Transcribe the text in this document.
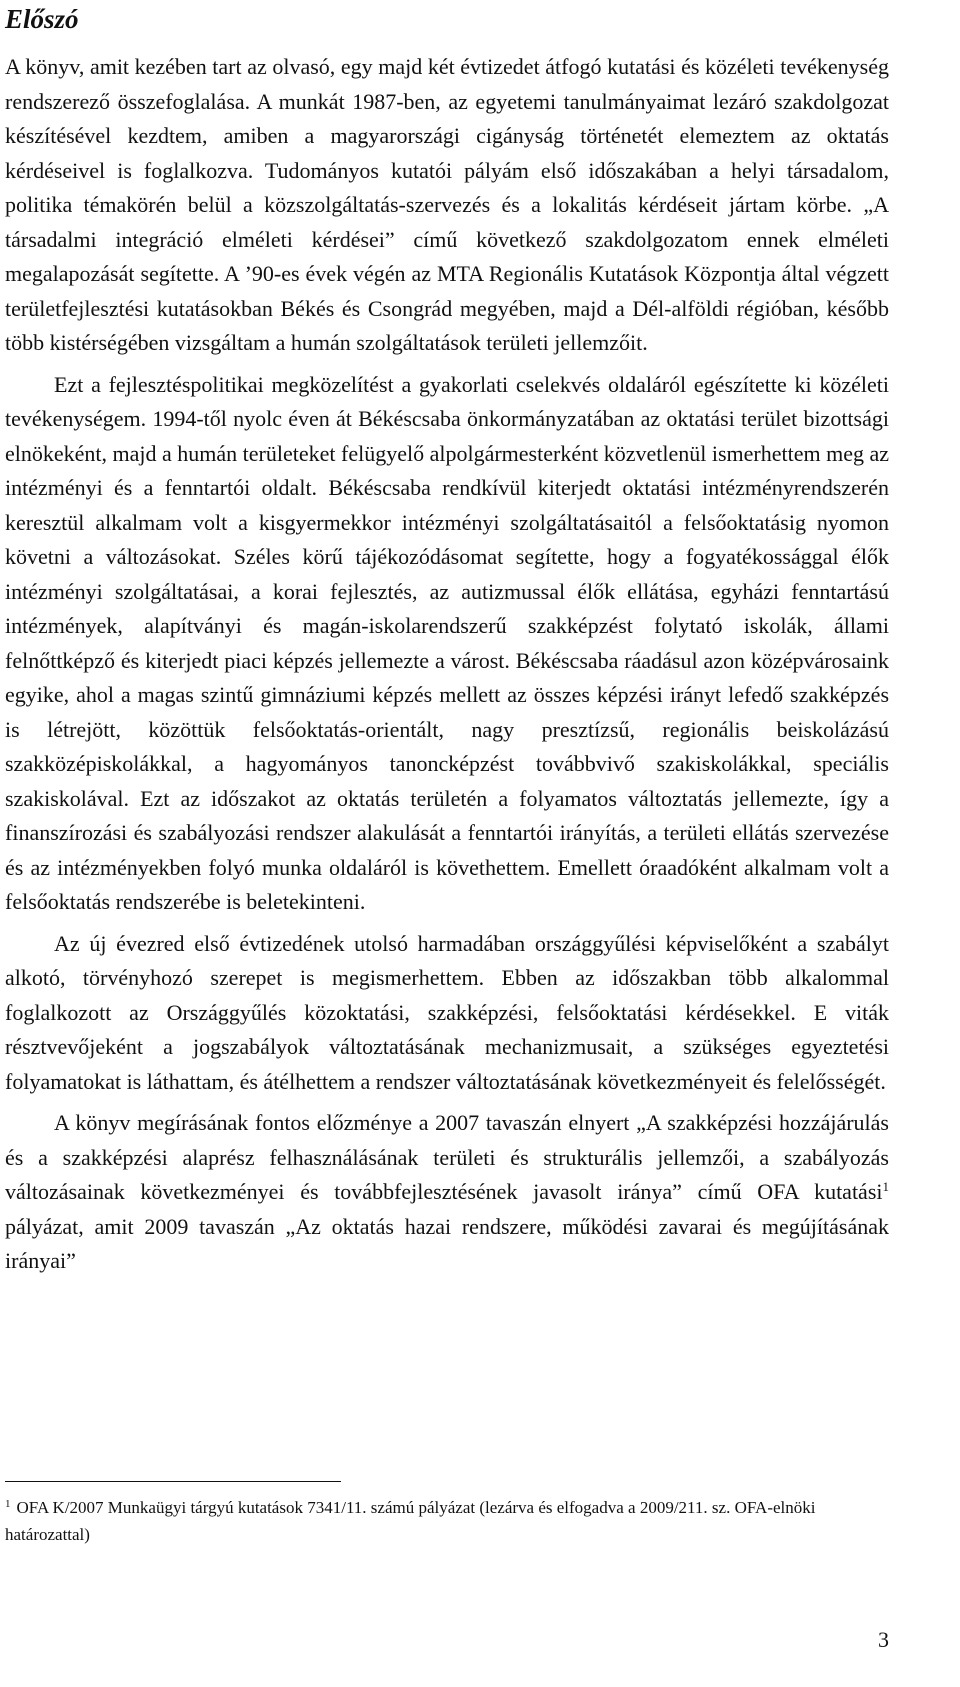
Előszó

A könyv, amit kezében tart az olvasó, egy majd két évtizedet átfogó kutatási és közéleti tevékenység rendszerező összefoglalása. A munkát 1987-ben, az egyetemi tanulmányaimat lezáró szakdolgozat készítésével kezdtem, amiben a magyarországi cigányság történetét elemeztem az oktatás kérdéseivel is foglalkozva. Tudományos kutatói pályám első időszakában a helyi társadalom, politika témakörén belül a közszolgáltatás-szervezés és a lokalitás kérdéseit jártam körbe. „A társadalmi integráció elméleti kérdései” című következő szakdolgozatom ennek elméleti megalapozását segítette. A ’90-es évek végén az MTA Regionális Kutatások Központja által végzett területfejlesztési kutatásokban Békés és Csongrád megyében, majd a Dél-alföldi régióban, később több kistérségében vizsgáltam a humán szolgáltatások területi jellemzőit.

Ezt a fejlesztéspolitikai megközelítést a gyakorlati cselekvés oldaláról egészítette ki közéleti tevékenységem. 1994-től nyolc éven át Békéscsaba önkormányzatában az oktatási terület bizottsági elnökeként, majd a humán területeket felügyelő alpolgármesterként közvetlenül ismerhettem meg az intézményi és a fenntartói oldalt. Békéscsaba rendkívül kiterjedt oktatási intézményrendszerén keresztül alkalmam volt a kisgyermekkor intézményi szolgáltatásaitól a felsőoktatásig nyomon követni a változásokat. Széles körű tájékozódásomat segítette, hogy a fogyatékossággal élők intézményi szolgáltatásai, a korai fejlesztés, az autizmussal élők ellátása, egyházi fenntartású intézmények, alapítványi és magán-iskolarendszerű szakképzést folytató iskolák, állami felnőttképző és kiterjedt piaci képzés jellemezte a várost. Békéscsaba ráadásul azon középvárosaink egyike, ahol a magas szintű gimnáziumi képzés mellett az összes képzési irányt lefedő szakképzés is létrejött, közöttük felsőoktatás-orientált, nagy presztízsű, regionális beiskolázású szakközépiskolákkal, a hagyományos tanoncképzést továbbvivő szakiskolákkal, speciális szakiskolával. Ezt az időszakot az oktatás területén a folyamatos változtatás jellemezte, így a finanszírozási és szabályozási rendszer alakulását a fenntartói irányítás, a területi ellátás szervezése és az intézményekben folyó munka oldaláról is követhettem. Emellett óraadóként alkalmam volt a felsőoktatás rendszerébe is beletekinteni.

Az új évezred első évtizedének utolsó harmadában országgyűlési képviselőként a szabályt alkotó, törvényhozó szerepet is megismerhettem. Ebben az időszakban több alkalommal foglalkozott az Országgyűlés közoktatási, szakképzési, felsőoktatási kérdésekkel. E viták résztvevőjeként a jogszabályok változtatásának mechanizmusait, a szükséges egyeztetési folyamatokat is láthattam, és átélhettem a rendszer változtatásának következményeit és felelősségét.

A könyv megírásának fontos előzménye a 2007 tavaszán elnyert „A szakképzési hozzájárulás és a szakképzési alaprész felhasználásának területi és strukturális jellemzői, a szabályozás változásainak következményei és továbbfejlesztésének javasolt iránya” című OFA kutatási$^1$ pályázat, amit 2009 tavaszán „Az oktatás hazai rendszere, működési zavarai és megújításának irányai”

$^1$ OFA K/2007 Munkaügyi tárgyú kutatások 7341/11. számú pályázat (lezárva és elfogadva a 2009/211. sz. OFA-elnöki határozattal)
3
